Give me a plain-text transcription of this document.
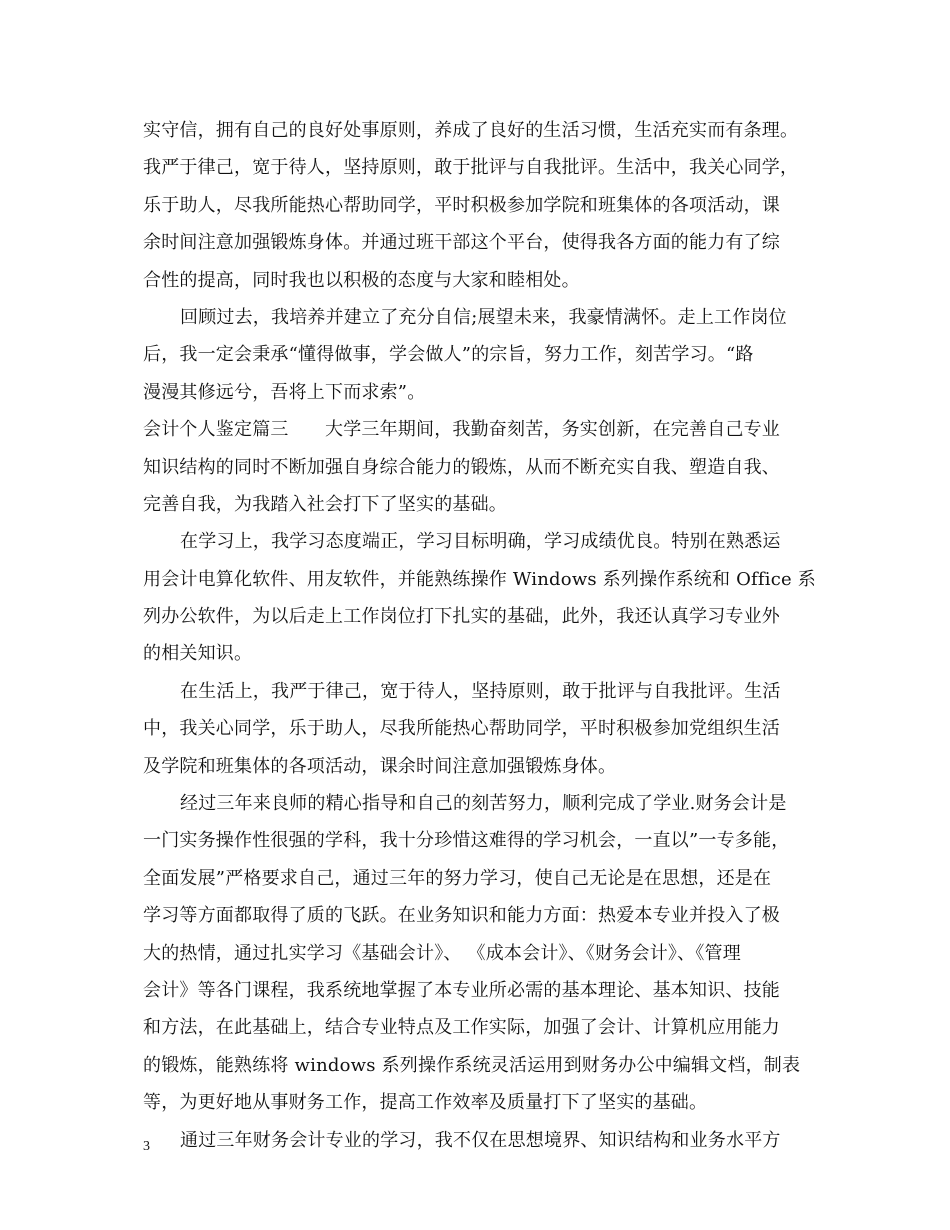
实守信，拥有自己的良好处事原则，养成了良好的生活习惯，生活充实而有条理。
我严于律己，宽于待人，坚持原则，敢于批评与自我批评。生活中，我关心同学，
乐于助人，尽我所能热心帮助同学，平时积极参加学院和班集体的各项活动，课
余时间注意加强锻炼身体。并通过班干部这个平台，使得我各方面的能力有了综
合性的提高，同时我也以积极的态度与大家和睦相处。
回顾过去，我培养并建立了充分自信;展望未来，我豪情满怀。走上工作岗位
后，我一定会秉承“懂得做事，学会做人”的宗旨，努力工作，刻苦学习。“路
漫漫其修远兮，吾将上下而求索”。
会计个人鉴定篇三　　大学三年期间，我勤奋刻苦，务实创新，在完善自己专业
知识结构的同时不断加强自身综合能力的锻炼，从而不断充实自我、塑造自我、
完善自我，为我踏入社会打下了坚实的基础。
在学习上，我学习态度端正，学习目标明确，学习成绩优良。特别在熟悉运
用会计电算化软件、用友软件，并能熟练操作 Windows 系列操作系统和 Office 系
列办公软件，为以后走上工作岗位打下扎实的基础，此外，我还认真学习专业外
的相关知识。
在生活上，我严于律己，宽于待人，坚持原则，敢于批评与自我批评。生活
中，我关心同学，乐于助人，尽我所能热心帮助同学，平时积极参加党组织生活
及学院和班集体的各项活动，课余时间注意加强锻炼身体。
经过三年来良师的精心指导和自己的刻苦努力，顺利完成了学业.财务会计是
一门实务操作性很强的学科，我十分珍惜这难得的学习机会，一直以”一专多能，
全面发展”严格要求自己，通过三年的努力学习，使自己无论是在思想，还是在
学习等方面都取得了质的飞跃。在业务知识和能力方面：热爱本专业并投入了极
大的热情，通过扎实学习《基础会计》、 《成本会计》、《财务会计》、《管理
会计》等各门课程，我系统地掌握了本专业所必需的基本理论、基本知识、技能
和方法，在此基础上，结合专业特点及工作实际，加强了会计、计算机应用能力
的锻炼，能熟练将 windows 系列操作系统灵活运用到财务办公中编辑文档，制表
等，为更好地从事财务工作，提高工作效率及质量打下了坚实的基础。
通过三年财务会计专业的学习，我不仅在思想境界、知识结构和业务水平方
3
